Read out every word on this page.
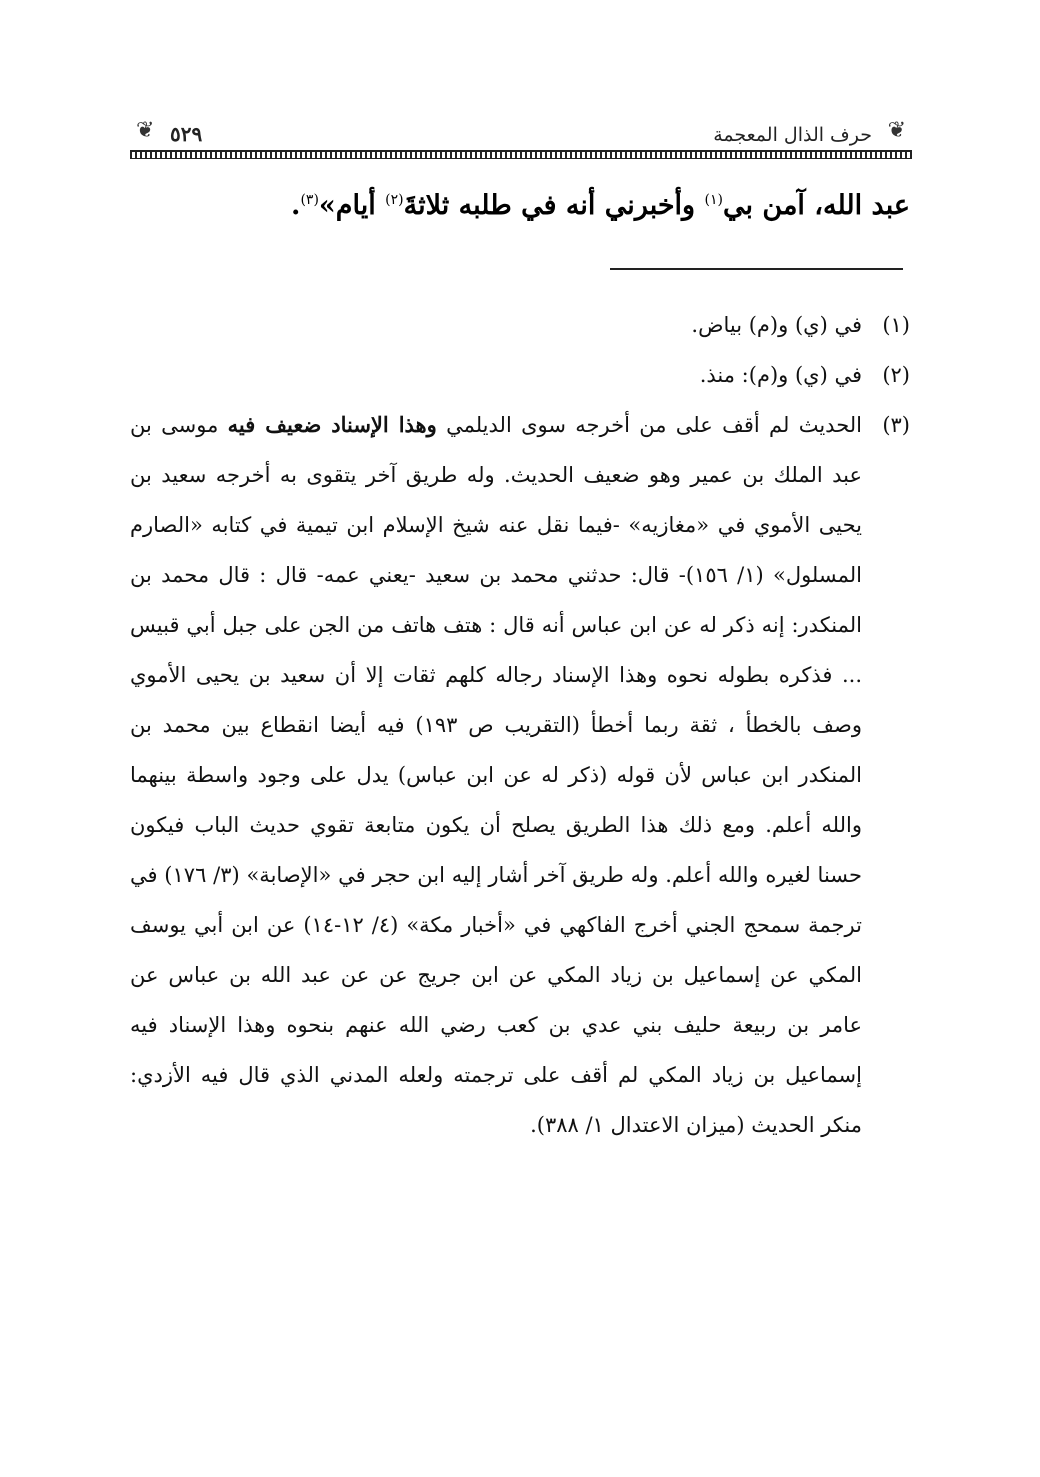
❦
حرف الذال المعجمة
٥٢٩
❦
عبد الله، آمن بي$^{(١)}$ وأخبرني أنه في طلبه ثلاثةَ$^{(٢)}$ أيام»$^{(٣)}$.
(١)
في (ي) و(م) بياض.
(٢)
في (ي) و(م): منذ.
(٣)
الحديث لم أقف على من أخرجه سوى الديلمي وهذا الإسناد ضعيف فيه موسى بن عبد الملك بن عمير وهو ضعيف الحديث. وله طريق آخر يتقوى به أخرجه سعيد بن يحيى الأموي في «مغازيه» -فيما نقل عنه شيخ الإسلام ابن تيمية في كتابه «الصارم المسلول» (١/ ١٥٦)- قال: حدثني محمد بن سعيد -يعني عمه- قال : قال محمد بن المنكدر: إنه ذكر له عن ابن عباس أنه قال : هتف هاتف من الجن على جبل أبي قبيس ... فذكره بطوله نحوه وهذا الإسناد رجاله كلهم ثقات إلا أن سعيد بن يحيى الأموي وصف بالخطأ ، ثقة ربما أخطأ (التقريب ص ١٩٣) فيه أيضا انقطاع بين محمد بن المنكدر ابن عباس لأن قوله (ذكر له عن ابن عباس) يدل على وجود واسطة بينهما والله أعلم. ومع ذلك هذا الطريق يصلح أن يكون متابعة تقوي حديث الباب فيكون حسنا لغيره والله أعلم. وله طريق آخر أشار إليه ابن حجر في «الإصابة» (٣/ ١٧٦) في ترجمة سمحج الجني أخرج الفاكهي في «أخبار مكة» (٤/ ١٢-١٤) عن ابن أبي يوسف المكي عن إسماعيل بن زياد المكي عن ابن جريج عن عن عبد الله بن عباس عن عامر بن ربيعة حليف بني عدي بن كعب رضي الله عنهم بنحوه وهذا الإسناد فيه إسماعيل بن زياد المكي لم أقف على ترجمته ولعله المدني الذي قال فيه الأزدي: منكر الحديث (ميزان الاعتدال ١/ ٣٨٨).
